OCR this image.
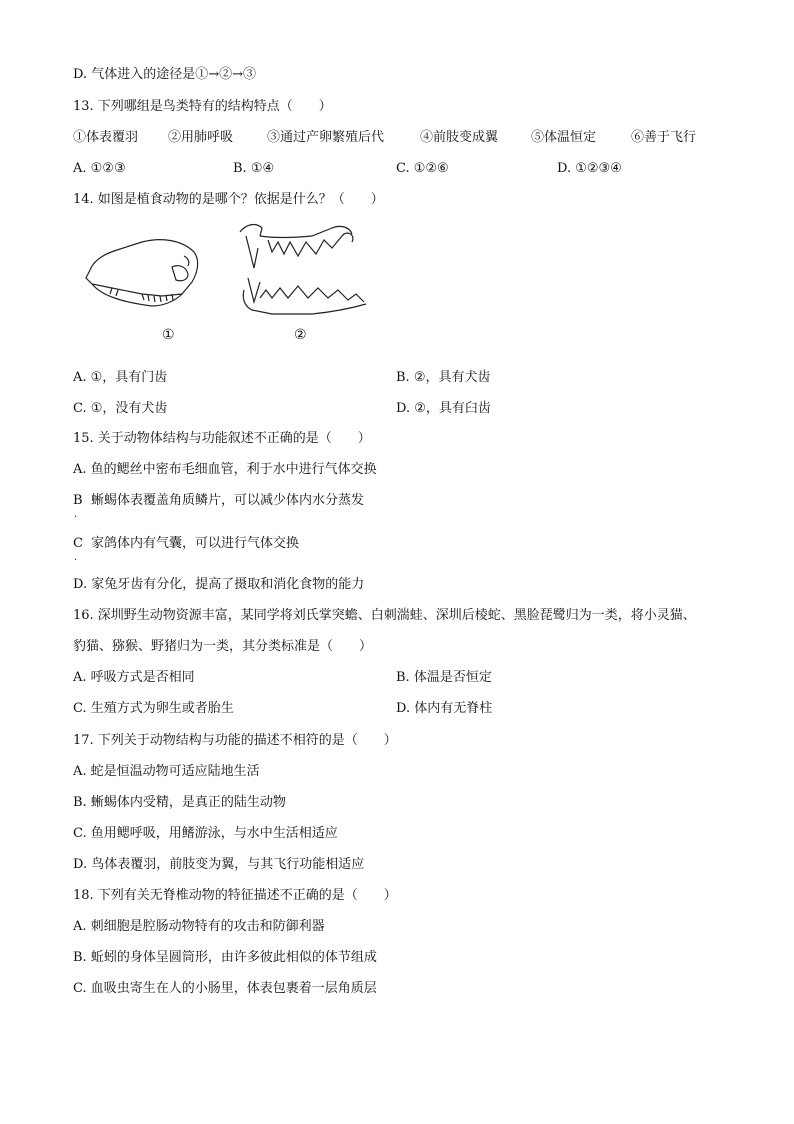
D. 气体进入的途径是①→②→③
13. 下列哪组是鸟类特有的结构特点（　　）
①体表覆羽 ②用肺呼吸	③通过产卵繁殖后代	④前肢变成翼	⑤体温恒定	⑥善于飞行
A. ①②③	B. ①④	C. ①②⑥	D. ①②③④
14. 如图是植食动物的是哪个？依据是什么？（　　）
①	②
A. ①，具有门齿	B. ②，具有犬齿
C. ①，没有犬齿	D. ②，具有臼齿
15. 关于动物体结构与功能叙述不正确的是（　　）
A. 鱼的鳃丝中密布毛细血管，利于水中进行气体交换
B 蜥蜴体表覆盖角质鳞片，可以减少体内水分蒸发
.
C 家鸽体内有气囊，可以进行气体交换
.
D. 家兔牙齿有分化，提高了摄取和消化食物的能力
16. 深圳野生动物资源丰富，某同学将刘氏掌突蟾、白刺湍蛙、深圳后棱蛇、黑脸琵鹭归为一类，将小灵猫、
豹猫、猕猴、野猪归为一类，其分类标准是（　　）
A. 呼吸方式是否相同	B. 体温是否恒定
C. 生殖方式为卵生或者胎生	D. 体内有无脊柱
17. 下列关于动物结构与功能的描述不相符的是（　　）
A. 蛇是恒温动物可适应陆地生活
B. 蜥蜴体内受精，是真正的陆生动物
C. 鱼用鳃呼吸，用鳍游泳，与水中生活相适应
D. 鸟体表覆羽，前肢变为翼，与其飞行功能相适应
18. 下列有关无脊椎动物的特征描述不正确的是（　　）
A. 刺细胞是腔肠动物特有的攻击和防御利器
B. 蚯蚓的身体呈圆筒形，由许多彼此相似的体节组成
C. 血吸虫寄生在人的小肠里，体表包裹着一层角质层
